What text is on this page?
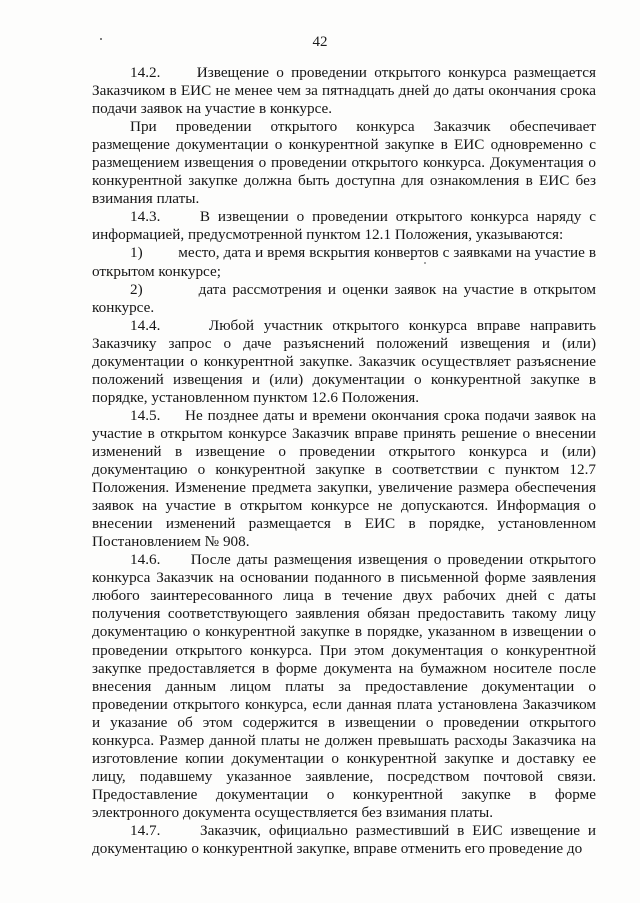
42

14.2.     Извещение о проведении открытого конкурса размещается Заказчиком в ЕИС не менее чем за пятнадцать дней до даты окончания срока подачи заявок на участие в конкурсе.

При проведении открытого конкурса Заказчик обеспечивает размещение документации о конкурентной закупке в ЕИС одновременно с размещением извещения о проведении открытого конкурса. Документация о конкурентной закупке должна быть доступна для ознакомления в ЕИС без взимания платы.

14.3.     В извещении о проведении открытого конкурса наряду с информацией, предусмотренной пунктом 12.1 Положения, указываются:

1)         место, дата и время вскрытия конвертов с заявками на участие в открытом конкурсе;

2)         дата рассмотрения и оценки заявок на участие в открытом конкурсе.

14.4.     Любой участник открытого конкурса вправе направить Заказчику запрос о даче разъяснений положений извещения и (или) документации о конкурентной закупке. Заказчик осуществляет разъяснение положений извещения и (или) документации о конкурентной закупке в порядке, установленном пунктом 12.6 Положения.

14.5.     Не позднее даты и времени окончания срока подачи заявок на участие в открытом конкурсе Заказчик вправе принять решение о внесении изменений в извещение о проведении открытого конкурса и (или) документацию о конкурентной закупке в соответствии с пунктом 12.7 Положения. Изменение предмета закупки, увеличение размера обеспечения заявок на участие в открытом конкурсе не допускаются. Информация о внесении изменений размещается в ЕИС в порядке, установленном Постановлением № 908.

14.6.     После даты размещения извещения о проведении открытого конкурса Заказчик на основании поданного в письменной форме заявления любого заинтересованного лица в течение двух рабочих дней с даты получения соответствующего заявления обязан предоставить такому лицу документацию о конкурентной закупке в порядке, указанном в извещении о проведении открытого конкурса. При этом документация о конкурентной закупке предоставляется в форме документа на бумажном носителе после внесения данным лицом платы за предоставление документации о проведении открытого конкурса, если данная плата установлена Заказчиком и указание об этом содержится в извещении о проведении открытого конкурса. Размер данной платы не должен превышать расходы Заказчика на изготовление копии документации о конкурентной закупке и доставку ее лицу, подавшему указанное заявление, посредством почтовой связи. Предоставление документации о конкурентной закупке в форме электронного документа осуществляется без взимания платы.

14.7.     Заказчик, официально разместивший в ЕИС извещение и документацию о конкурентной закупке, вправе отменить его проведение до
